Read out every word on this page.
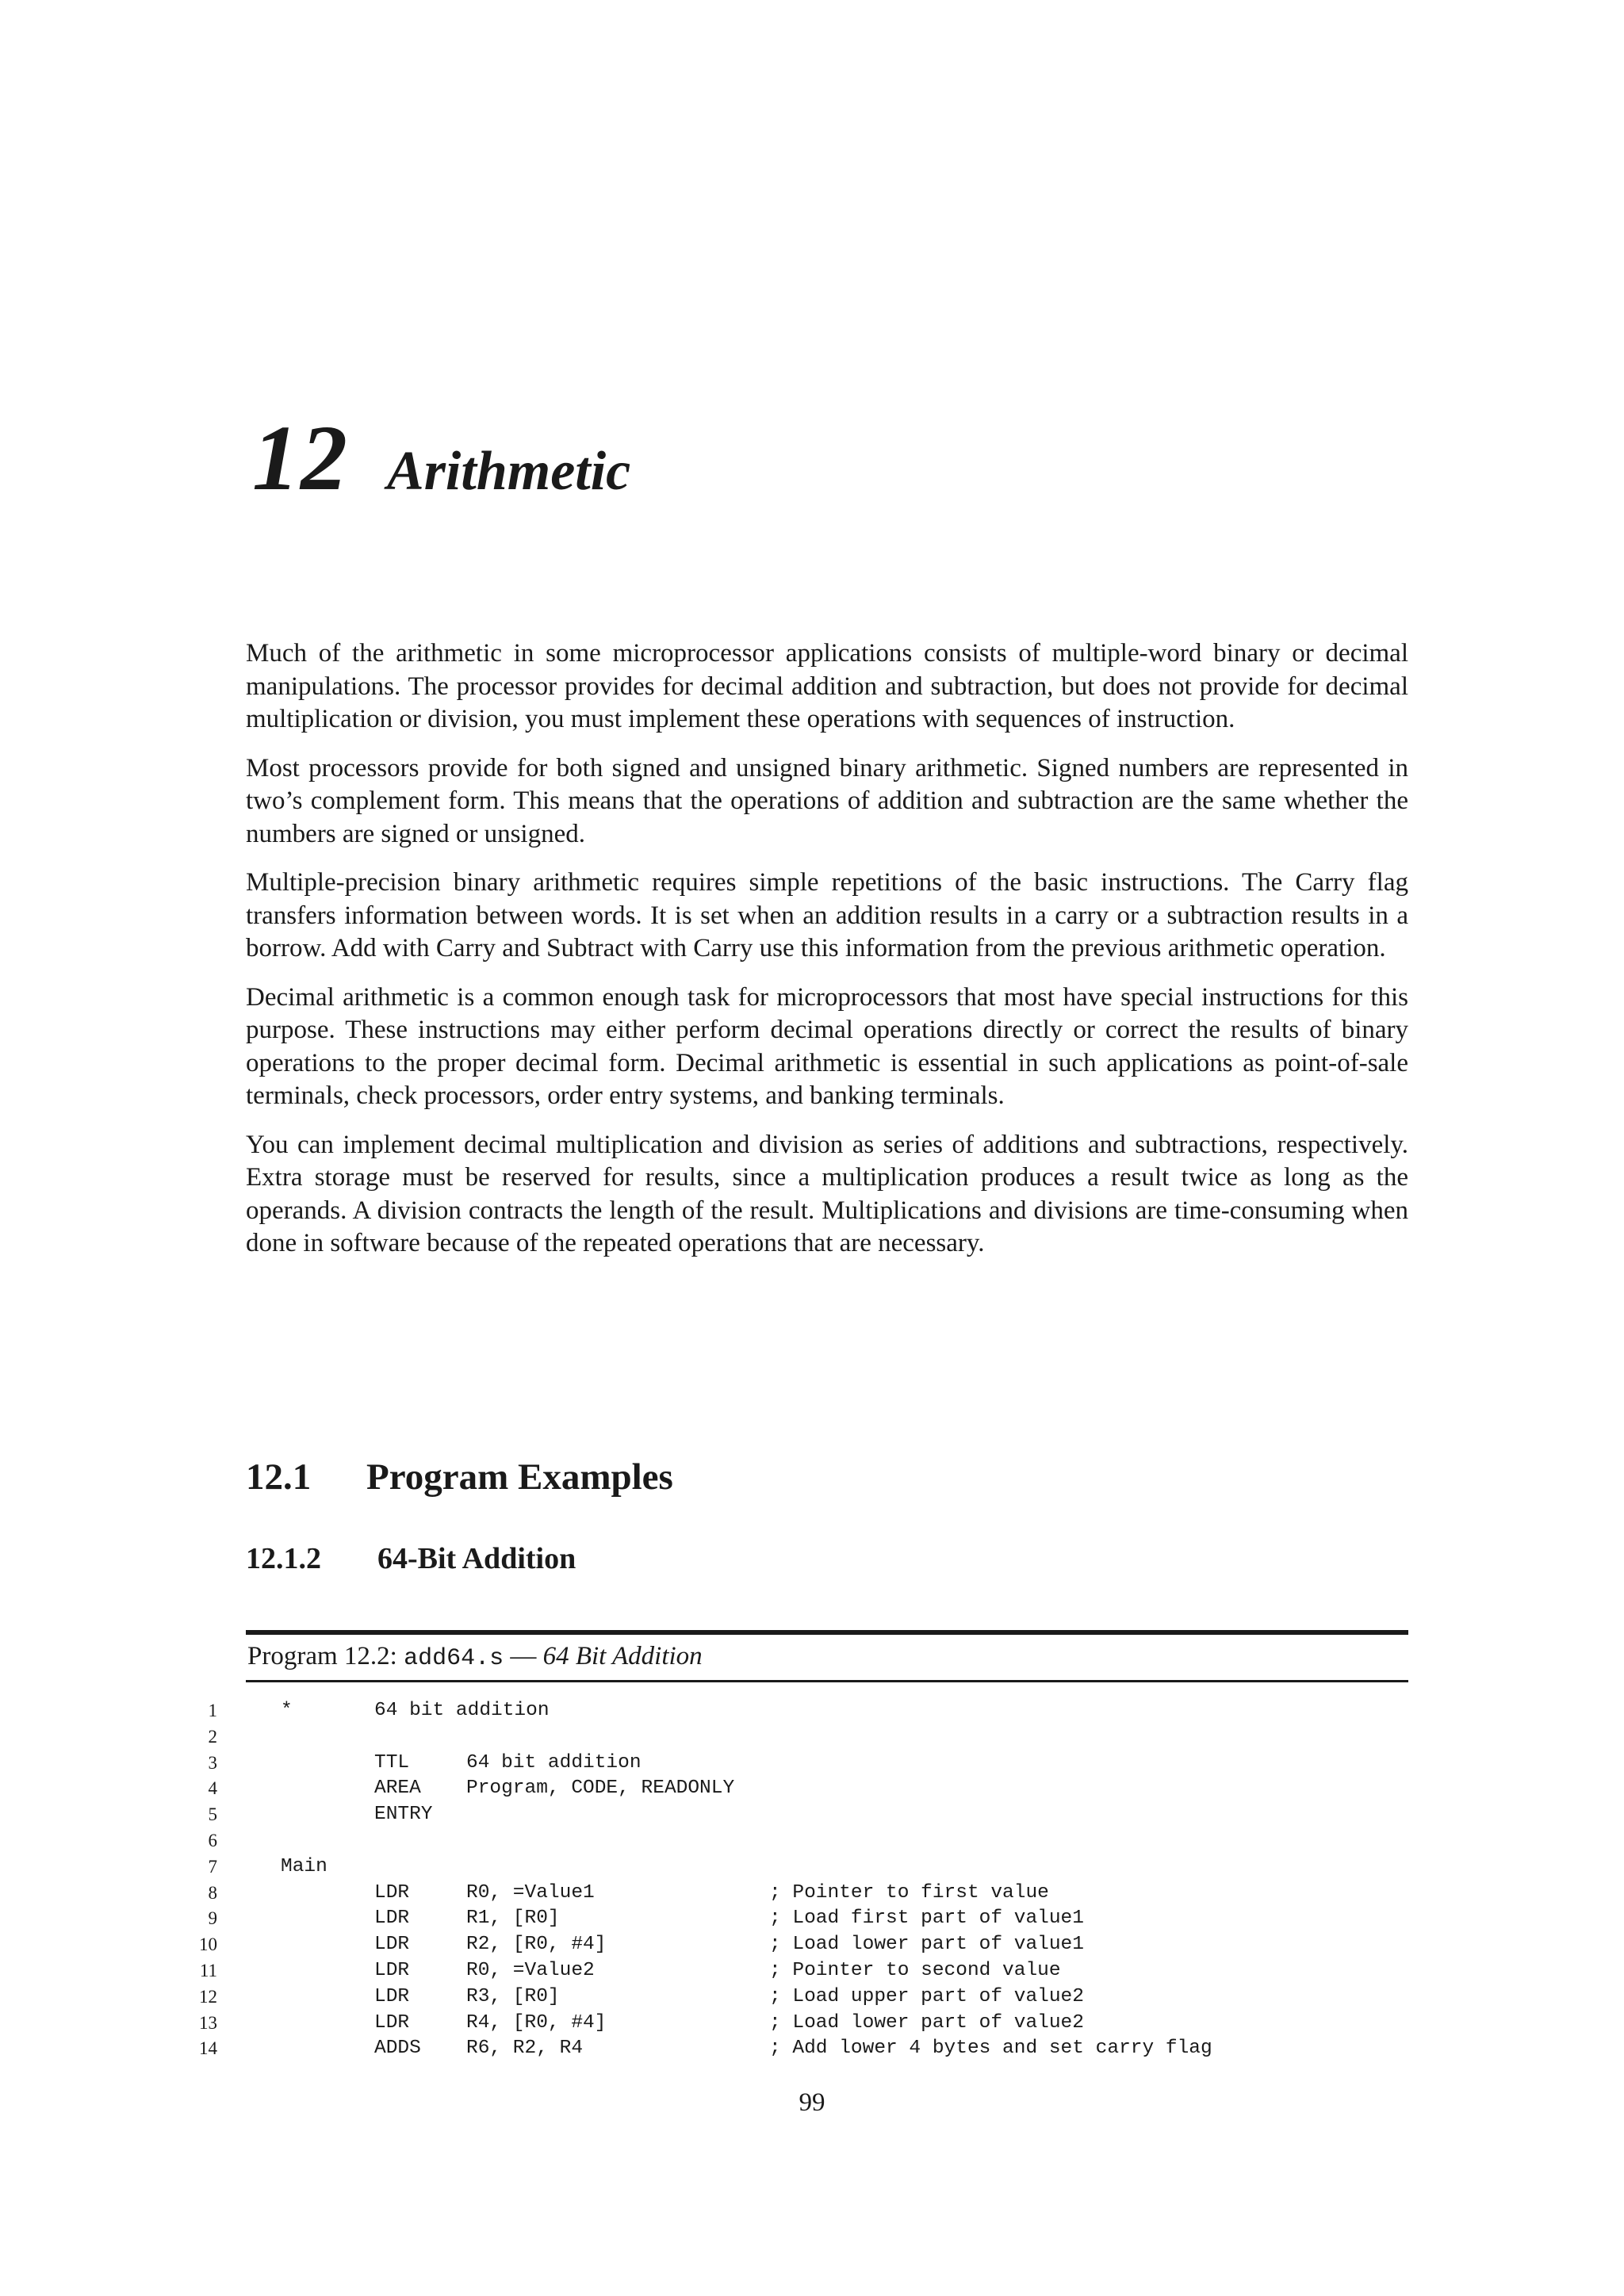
12 Arithmetic

Much of the arithmetic in some microprocessor applications consists of multiple-word binary or decimal manipulations. The processor provides for decimal addition and subtraction, but does not provide for decimal multiplication or division, you must implement these operations with sequences of instruction.

Most processors provide for both signed and unsigned binary arithmetic. Signed numbers are represented in two’s complement form. This means that the operations of addition and subtraction are the same whether the numbers are signed or unsigned.

Multiple-precision binary arithmetic requires simple repetitions of the basic instructions. The Carry flag transfers information between words. It is set when an addition results in a carry or a subtraction results in a borrow. Add with Carry and Subtract with Carry use this information from the previous arithmetic operation.

Decimal arithmetic is a common enough task for microprocessors that most have special instructions for this purpose. These instructions may either perform decimal operations directly or correct the results of binary operations to the proper decimal form. Decimal arithmetic is essential in such applications as point-of-sale terminals, check processors, order entry systems, and banking terminals.

You can implement decimal multiplication and division as series of additions and subtractions, respectively. Extra storage must be reserved for results, since a multiplication produces a result twice as long as the operands. A division contracts the length of the result. Multiplications and divisions are time-consuming when done in software because of the repeated operations that are necessary.

12.1 Program Examples
12.1.2 64-Bit Addition
Program 12.2: add64.s — 64 Bit Addition
1	*	64 bit addition
2
3	TTL	64 bit addition
4	AREA Program, CODE, READONLY
5	ENTRY
6
7	Main
8	LDR	R0, =Value1	; Pointer to first value
9	LDR	R1, [R0]	; Load first part of value1
10	LDR	R2, [R0, #4]	; Load lower part of value1
11	LDR	R0, =Value2	; Pointer to second value
12	LDR	R3, [R0]	; Load upper part of value2
13	LDR	R4, [R0, #4]	; Load lower part of value2
14	ADDS R6, R2, R4	; Add lower 4 bytes and set carry flag
99
